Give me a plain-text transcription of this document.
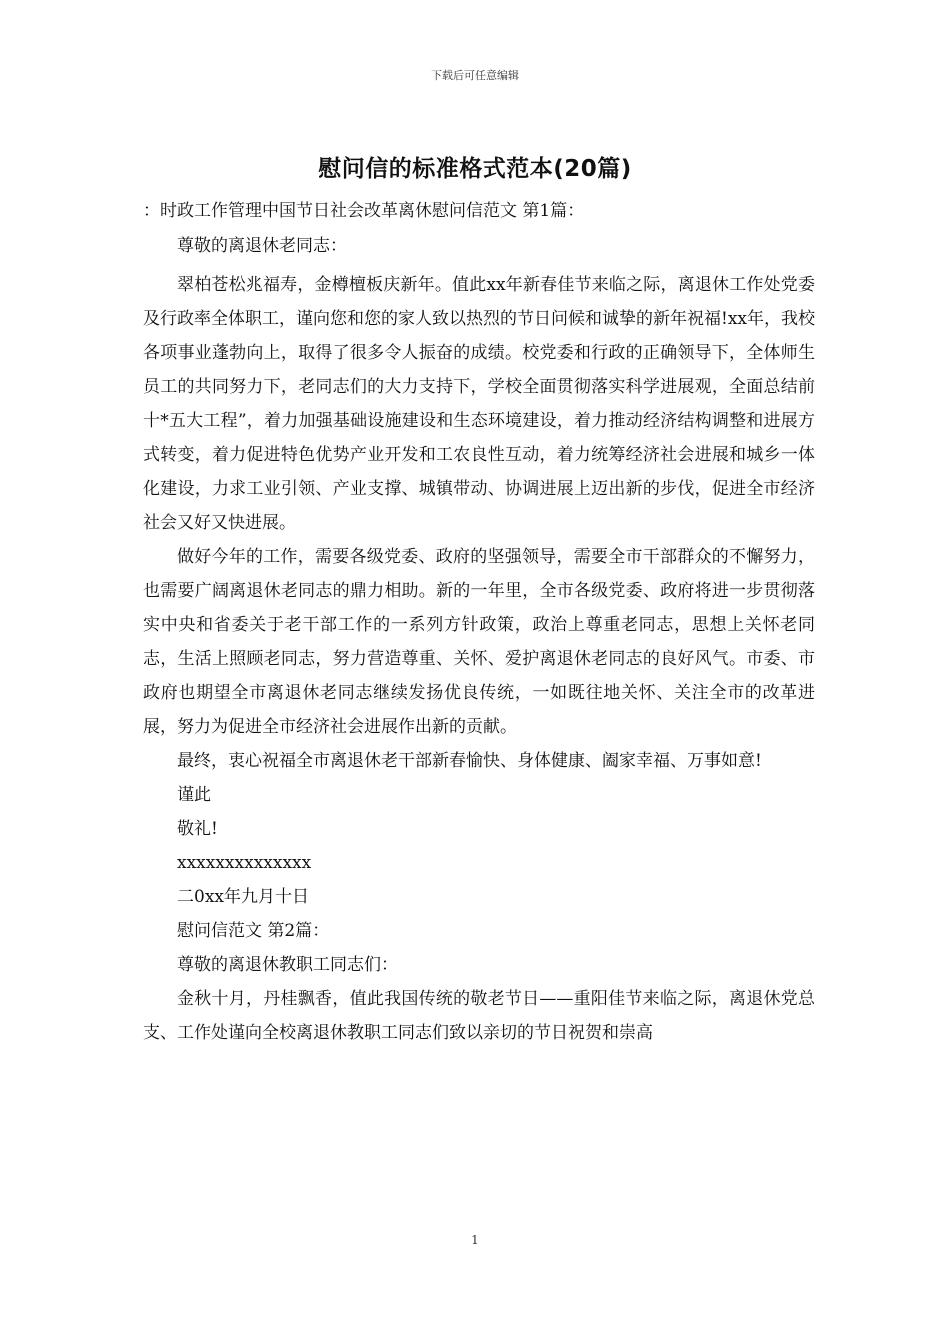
下载后可任意编辑
慰问信的标准格式范本(20篇)
：时政工作管理中国节日社会改革离休慰问信范文 第1篇：
尊敬的离退休老同志：

翠柏苍松兆福寿，金樽檀板庆新年。值此xx年新春佳节来临之际，离退休工作处党委及行政率全体职工，谨向您和您的家人致以热烈的节日问候和诚挚的新年祝福!xx年，我校各项事业蓬勃向上，取得了很多令人振奋的成绩。校党委和行政的正确领导下，全体师生员工的共同努力下，老同志们的大力支持下，学校全面贯彻落实科学进展观，全面总结前十*五大工程”，着力加强基础设施建设和生态环境建设，着力推动经济结构调整和进展方式转变，着力促进特色优势产业开发和工农良性互动，着力统筹经济社会进展和城乡一体化建设，力求工业引领、产业支撑、城镇带动、协调进展上迈出新的步伐，促进全市经济社会又好又快进展。

做好今年的工作，需要各级党委、政府的坚强领导，需要全市干部群众的不懈努力，也需要广阔离退休老同志的鼎力相助。新的一年里，全市各级党委、政府将进一步贯彻落实中央和省委关于老干部工作的一系列方针政策，政治上尊重老同志，思想上关怀老同志，生活上照顾老同志，努力营造尊重、关怀、爱护离退休老同志的良好风气。市委、市政府也期望全市离退休老同志继续发扬优良传统，一如既往地关怀、关注全市的改革进展，努力为促进全市经济社会进展作出新的贡献。

最终，衷心祝福全市离退休老干部新春愉快、身体健康、阖家幸福、万事如意!

谨此

敬礼!

xxxxxxxxxxxxxx

二0xx年九月十日

慰问信范文 第2篇：

尊敬的离退休教职工同志们：

金秋十月，丹桂飘香，值此我国传统的敬老节日——重阳佳节来临之际，离退休党总支、工作处谨向全校离退休教职工同志们致以亲切的节日祝贺和崇高

1
